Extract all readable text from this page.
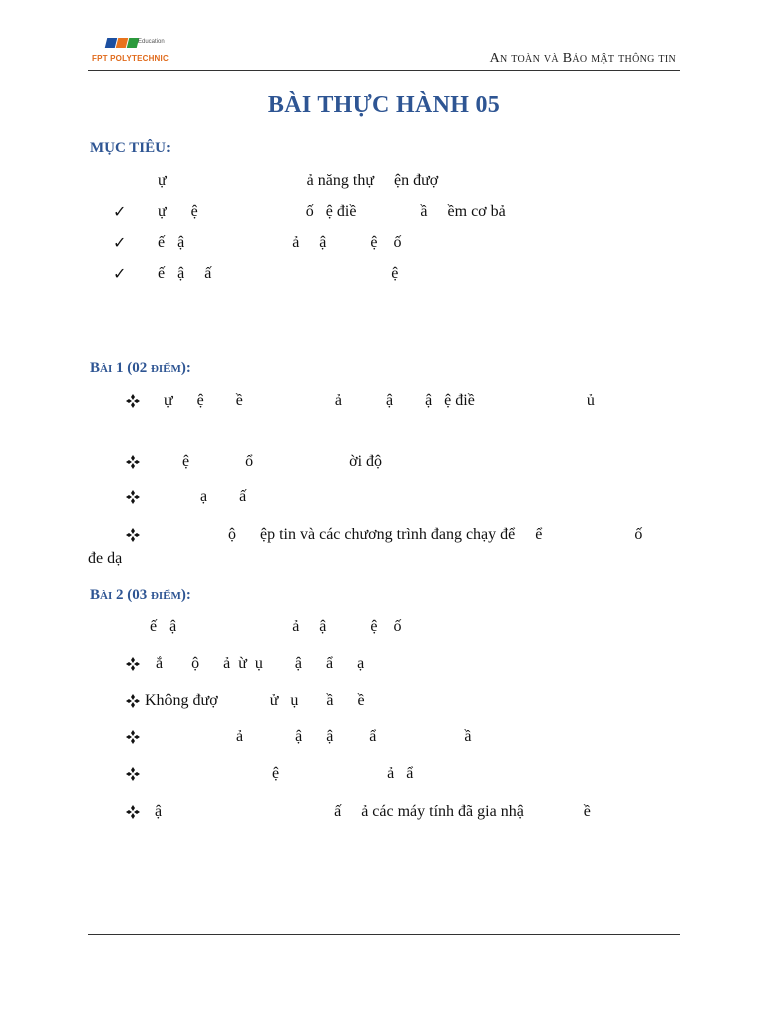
Education
FPT POLYTECHNIC	An toàn và Bảo mật thông tin
BÀI THỰC HÀNH 05
MỤC TIÊU:
ự                                   ả năng thự     ện đượ
✓ ự      ệ                           ố   ệ điề                ầ     ềm cơ bả
✓ ế   ậ                           ả     ậ           ệ    ố
✓ ế   ậ     ấ                                             ệ
Bài 1 (02 điểm):
ự      ệ        ề                       ả           ậ        ậ   ệ điề                            ủ
ệ              ổ                        ời độ
ạ        ấ
ộ      ệp tin và các chương trình đang chạy để     ể                       ố
đe dạ
Bài 2 (03 điểm):
ế   ậ                             ả     ậ           ệ    ố
ắ       ộ      ả  ừ  ụ        ậ      ẩ      ạ
Không đượ             ử   ụ       ầ      ề
ả             ậ      ậ         ẩ                      ầ
ệ                           ả   ẩ
ậ                                           ấ     ả các máy tính đã gia nhậ               ề
